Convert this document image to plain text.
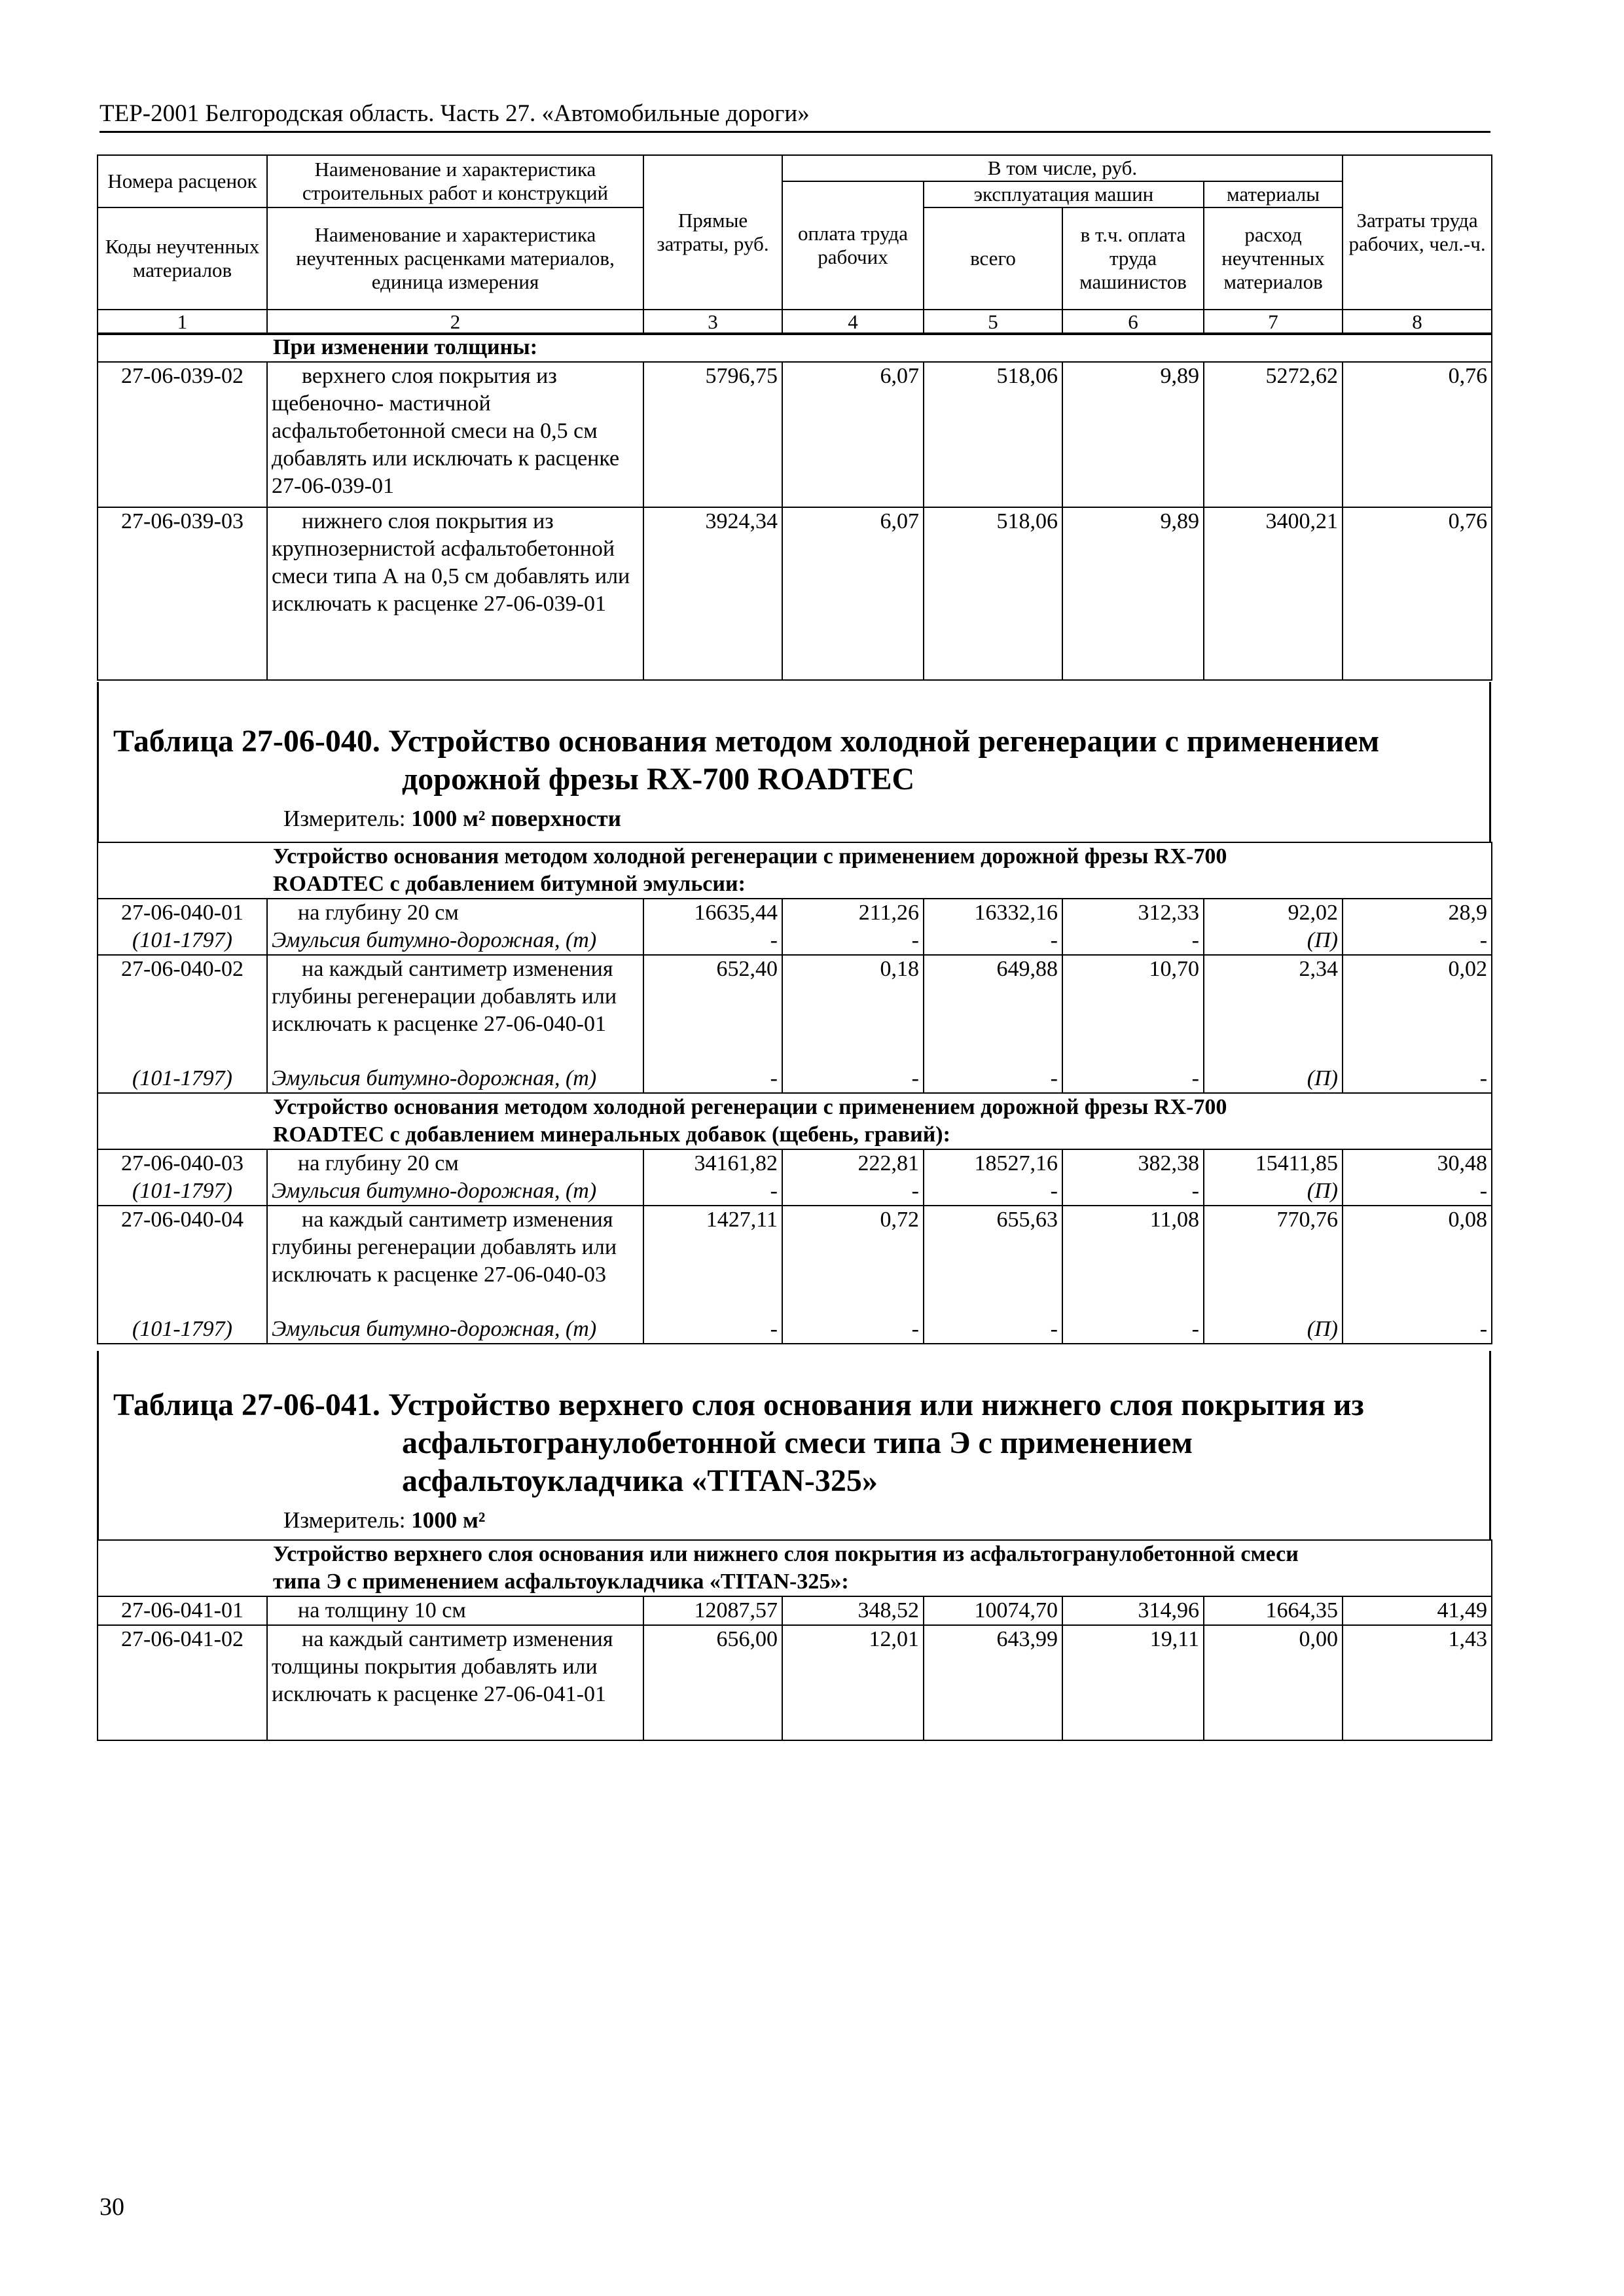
ТЕР-2001 Белгородская область. Часть 27. «Автомобильные дороги»
Номера расценок	Наименование и характеристика строительных работ и конструкций	Прямые затраты, руб.	В том числе, руб.				Затраты труда рабочих, чел.-ч.
			оплата труда рабочих	эксплуатация машин		материалы	
Коды неучтенных материалов	Наименование и характеристика неучтенных расценками материалов, единица измерения			всего	в т.ч. оплата труда машинистов	расход неучтенных материалов	
1	2	3	4	5	6	7	8
При изменении толщины:							
27-06-039-02	верхнего слоя покрытия из щебеночно- мастичной асфальтобетонной смеси на 0,5 см добавлять или исключать к расценке 27-06-039-01	5796,75	6,07	518,06	9,89	5272,62	0,76
27-06-039-03	нижнего слоя покрытия из крупнозернистой асфальтобетонной смеси типа А на 0,5 см добавлять или исключать к расценке 27-06-039-01	3924,34	6,07	518,06	9,89	3400,21	0,76
Таблица 27-06-040. Устройство основания методом холодной регенерации с применением
дорожной фрезы RX-700 ROADTEC
Измеритель: 1000 м² поверхности
Устройство основания методом холодной регенерации с применением дорожной фрезы RX-700 ROADTEC с добавлением битумной эмульсии:							
27-06-040-01	на глубину 20 см	16635,44	211,26	16332,16	312,33	92,02	28,9
(101-1797)	Эмульсия битумно-дорожная, (т)	-	-	-	-	(П)	-
27-06-040-02	на каждый сантиметр изменения глубины регенерации добавлять или исключать к расценке 27-06-040-01	652,40	0,18	649,88	10,70	2,34	0,02
(101-1797)	Эмульсия битумно-дорожная, (т)	-	-	-	-	(П)	-
Устройство основания методом холодной регенерации с применением дорожной фрезы RX-700 ROADTEC с добавлением минеральных добавок (щебень, гравий):							
27-06-040-03	на глубину 20 см	34161,82	222,81	18527,16	382,38	15411,85	30,48
(101-1797)	Эмульсия битумно-дорожная, (т)	-	-	-	-	(П)	-
27-06-040-04	на каждый сантиметр изменения глубины регенерации добавлять или исключать к расценке 27-06-040-03	1427,11	0,72	655,63	11,08	770,76	0,08
(101-1797)	Эмульсия битумно-дорожная, (т)	-	-	-	-	(П)	-
Таблица 27-06-041. Устройство верхнего слоя основания или нижнего слоя покрытия из
асфальтогранулобетонной смеси типа Э с применением
асфальтоукладчика «TITAN-325»
Измеритель: 1000 м²
Устройство верхнего слоя основания или нижнего слоя покрытия из асфальтогранулобетонной смеси типа Э с применением асфальтоукладчика «TITAN-325»:							
27-06-041-01	на толщину 10 см	12087,57	348,52	10074,70	314,96	1664,35	41,49
27-06-041-02	на каждый сантиметр изменения толщины покрытия добавлять или исключать к расценке 27-06-041-01	656,00	12,01	643,99	19,11	0,00	1,43
30
